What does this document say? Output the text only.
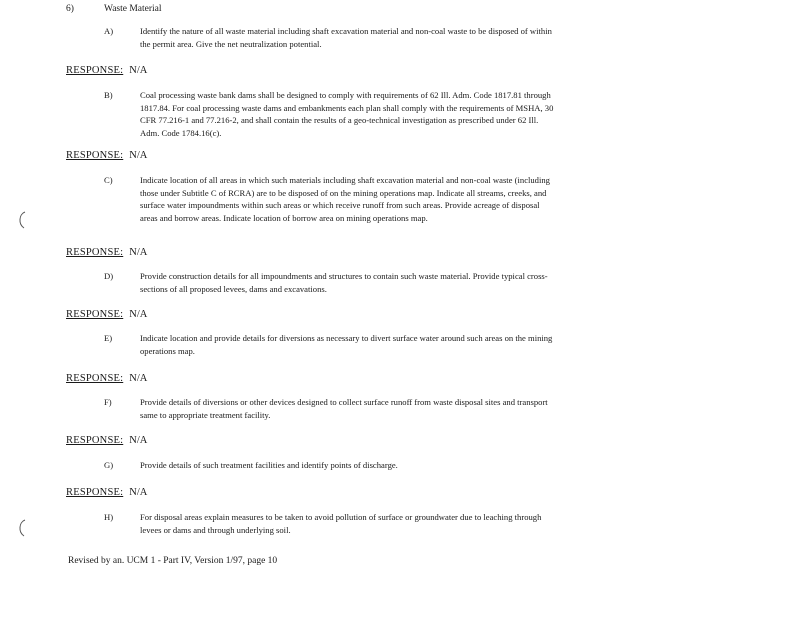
6)	Waste Material
A)	Identify the nature of all waste material including shaft excavation material and non-coal waste to be disposed of within the permit area. Give the net neutralization potential.
RESPONSE: N/A
B)	Coal processing waste bank dams shall be designed to comply with requirements of 62 Ill. Adm. Code 1817.81 through 1817.84. For coal processing waste dams and embankments each plan shall comply with the requirements of MSHA, 30 CFR 77.216-1 and 77.216-2, and shall contain the results of a geo-technical investigation as prescribed under 62 Ill. Adm. Code 1784.16(c).
RESPONSE: N/A
C)	Indicate location of all areas in which such materials including shaft excavation material and non-coal waste (including those under Subtitle C of RCRA) are to be disposed of on the mining operations map. Indicate all streams, creeks, and surface water impoundments within such areas or which receive runoff from such areas. Provide acreage of disposal areas and borrow areas. Indicate location of borrow area on mining operations map.
RESPONSE: N/A
D)	Provide construction details for all impoundments and structures to contain such waste material. Provide typical cross-sections of all proposed levees, dams and excavations.
RESPONSE: N/A
E)	Indicate location and provide details for diversions as necessary to divert surface water around such areas on the mining operations map.
RESPONSE: N/A
F)	Provide details of diversions or other devices designed to collect surface runoff from waste disposal sites and transport same to appropriate treatment facility.
RESPONSE: N/A
G)	Provide details of such treatment facilities and identify points of discharge.
RESPONSE: N/A
H)	For disposal areas explain measures to be taken to avoid pollution of surface or groundwater due to leaching through levees or dams and through underlying soil.
Revised by an. UCM 1 - Part IV, Version 1/97, page 10
